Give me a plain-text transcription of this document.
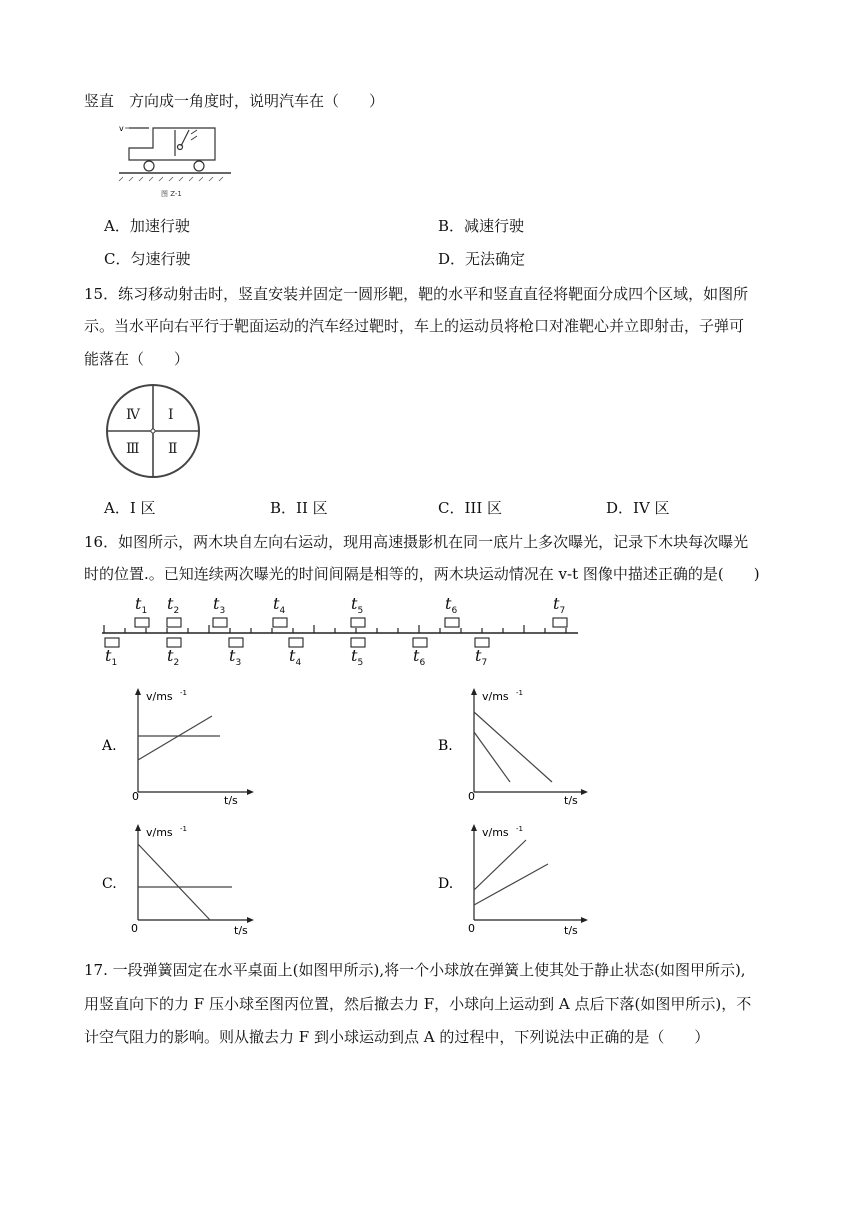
竖直　方向成一角度时，说明汽车在（　　）
v
图 Z-1
A．加速行驶	B．减速行驶
C．匀速行驶	D．无法确定
15．练习移动射击时，竖直安装并固定一圆形靶，靶的水平和竖直直径将靶面分成四个区域，如图所
示。当水平向右平行于靶面运动的汽车经过靶时，车上的运动员将枪口对准靶心并立即射击，子弹可
能落在（　　）
Ⅳ Ⅰ
Ⅲ Ⅱ
A．I 区	B．II 区	C．III 区	D．IV 区
16．如图所示，两木块自左向右运动，现用高速摄影机在同一底片上多次曝光，记录下木块每次曝光
时的位置.。已知连续两次曝光的时间间隔是相等的，两木块运动情况在 v-t 图像中描述正确的是(　　)
$t_1$ $t_2$ $t_3$	$t_4$	$t_5$	$t_6$	$t_7$
$t_1$	$t_2$	$t_3$	$t_4$	$t_5$	$t_6$	$t_7$
A.
v/ms -1
0	t/s
B.
v/ms -1
0	t/s
C.
v/ms -1
0	t/s
D.
v/ms -1
0	t/s
17. 一段弹簧固定在水平桌面上(如图甲所示),将一个小球放在弹簧上使其处于静止状态(如图甲所示),
用竖直向下的力 F 压小球至图丙位置，然后撤去力 F，小球向上运动到 A 点后下落(如图甲所示)，不
计空气阻力的影响。则从撤去力 F 到小球运动到点 A 的过程中，下列说法中正确的是（　　）
